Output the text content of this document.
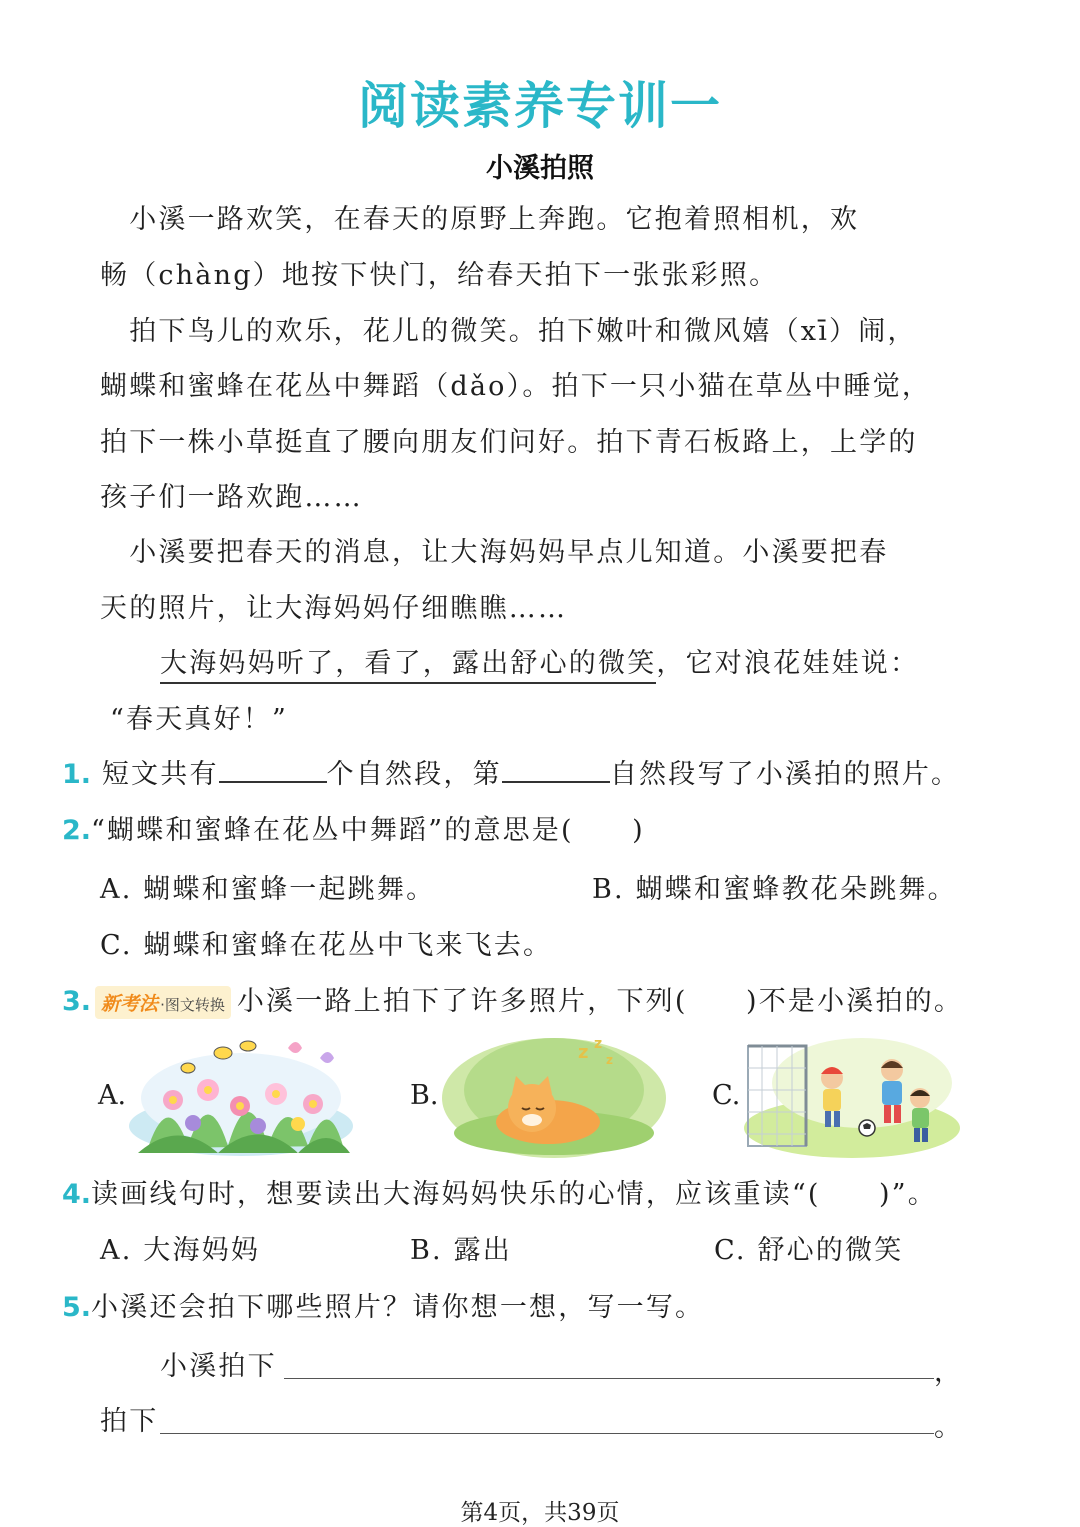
阅读素养专训一
小溪拍照
　小溪一路欢笑，在春天的原野上奔跑。它抱着照相机，欢
畅（chàng）地按下快门，给春天拍下一张张彩照。
　拍下鸟儿的欢乐，花儿的微笑。拍下嫩叶和微风嬉（xī）闹，
蝴蝶和蜜蜂在花丛中舞蹈（dǎo）。拍下一只小猫在草丛中睡觉，
拍下一株小草挺直了腰向朋友们问好。拍下青石板路上，上学的
孩子们一路欢跑……
　小溪要把春天的消息，让大海妈妈早点儿知道。小溪要把春
天的照片，让大海妈妈仔细瞧瞧……
大海妈妈听了，看了，露出舒心的微笑，它对浪花娃娃说：
“春天真好！”
1. 短文共有	个自然段，第	自然段写了小溪拍的照片。
2.“蝴蝶和蜜蜂在花丛中舞蹈”的意思是(　　)
A. 蝴蝶和蜜蜂一起跳舞。	B. 蝴蝶和蜜蜂教花朵跳舞。
C. 蝴蝶和蜜蜂在花丛中飞来飞去。
3. 新考法 ·图文转换 小溪一路上拍下了许多照片，下列(　　)不是小溪拍的。
A.	B.	C.
z z
z
4.读画线句时，想要读出大海妈妈快乐的心情，应该重读“(　　)”。
A. 大海妈妈	B. 露出	C. 舒心的微笑
5.小溪还会拍下哪些照片？请你想一想，写一写。
小溪拍下	，
拍下	。
第4页，共39页
